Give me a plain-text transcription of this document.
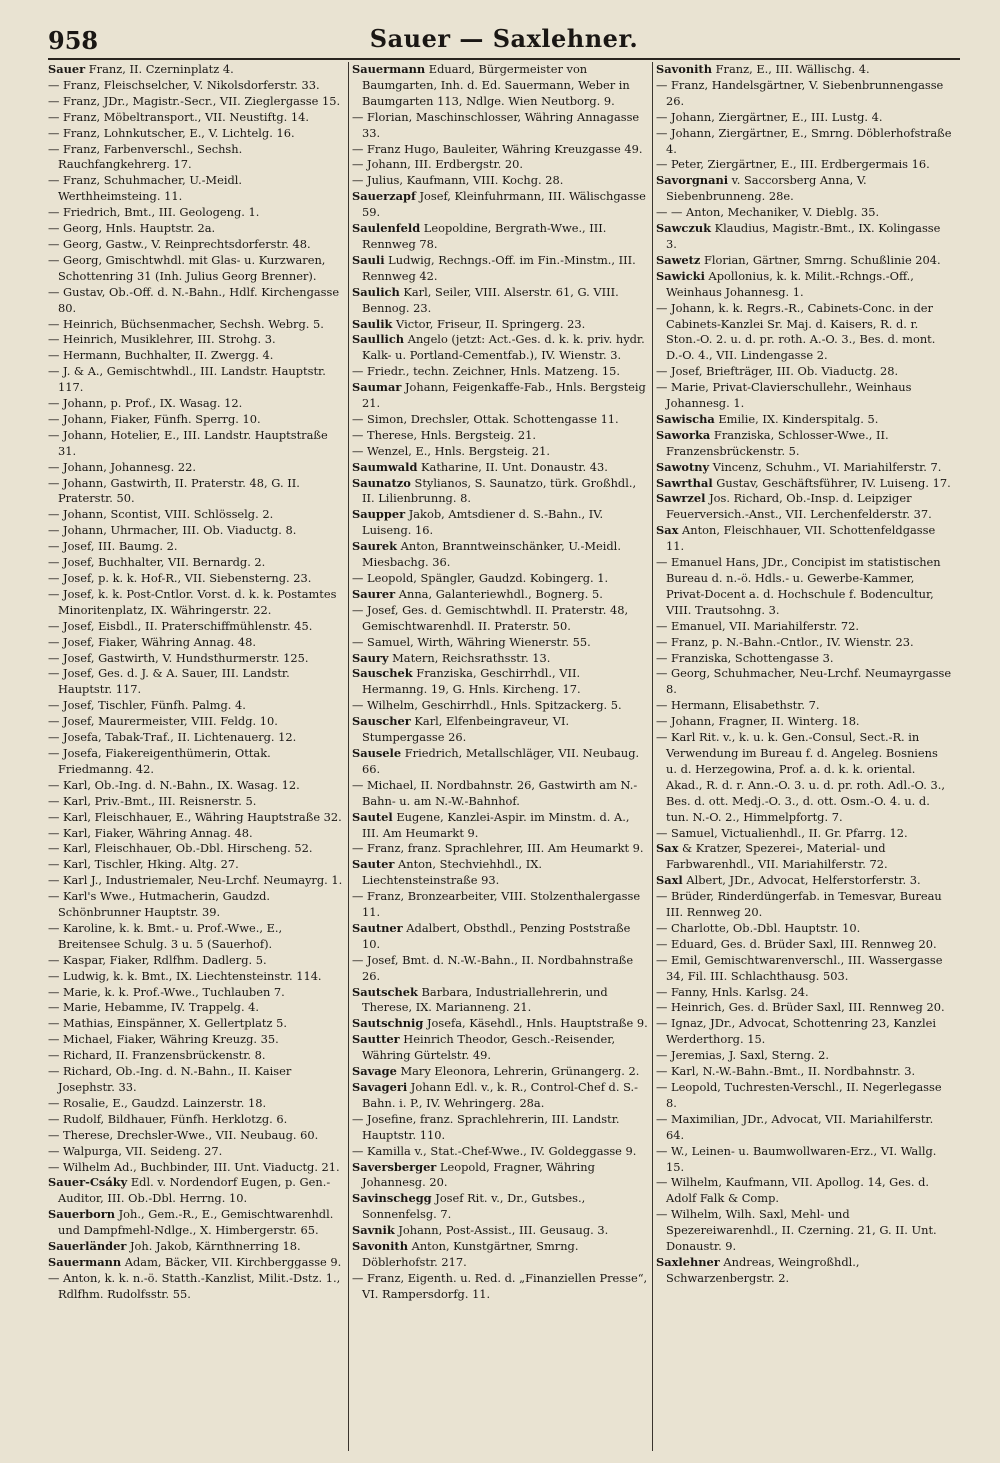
Sauer — Saxlehner.
958

Sauer Franz, II. Czerninplatz 4.

— Franz, Fleischselcher, V. Nikolsdorferstr. 33.

— Franz, JDr., Magistr.-Secr., VII. Zieglergasse 15.

— Franz, Möbeltransport., VII. Neustiftg. 14.

— Franz, Lohnkutscher, E., V. Lichtelg. 16.

— Franz, Farbenverschl., Sechsh. Rauchfangkehrerg. 17.

— Franz, Schuhmacher, U.-Meidl. Werthheimsteing. 11.

— Friedrich, Bmt., III. Geologeng. 1.

— Georg, Hnls. Hauptstr. 2a.

— Georg, Gastw., V. Reinprechtsdorferstr. 48.

— Georg, Gmischtwhdl. mit Glas- u. Kurzwaren, Schottenring 31 (Inh. Julius Georg Brenner).

— Gustav, Ob.-Off. d. N.-Bahn., Hdlf. Kirchengasse 80.

— Heinrich, Büchsenmacher, Sechsh. Webrg. 5.

— Heinrich, Musiklehrer, III. Strohg. 3.

— Hermann, Buchhalter, II. Zwergg. 4.

— J. & A., Gemischtwhdl., III. Landstr. Hauptstr. 117.

— Johann, p. Prof., IX. Wasag. 12.

— Johann, Fiaker, Fünfh. Sperrg. 10.

— Johann, Hotelier, E., III. Landstr. Hauptstraße 31.

— Johann, Johannesg. 22.

— Johann, Gastwirth, II. Praterstr. 48, G. II. Praterstr. 50.

— Johann, Scontist, VIII. Schlösselg. 2.

— Johann, Uhrmacher, III. Ob. Viaductg. 8.

— Josef, III. Baumg. 2.

— Josef, Buchhalter, VII. Bernardg. 2.

— Josef, p. k. k. Hof-R., VII. Siebensterng. 23.

— Josef, k. k. Post-Cntlor. Vorst. d. k. k. Postamtes Minoritenplatz, IX. Währingerstr. 22.

— Josef, Eisbdl., II. Praterschiffmühlenstr. 45.

— Josef, Fiaker, Währing Annag. 48.

— Josef, Gastwirth, V. Hundsthurmerstr. 125.

— Josef, Ges. d. J. & A. Sauer, III. Landstr. Hauptstr. 117.

— Josef, Tischler, Fünfh. Palmg. 4.

— Josef, Maurermeister, VIII. Feldg. 10.

— Josefa, Tabak-Traf., II. Lichtenauerg. 12.

— Josefa, Fiakereigenthümerin, Ottak. Friedmanng. 42.

— Karl, Ob.-Ing. d. N.-Bahn., IX. Wasag. 12.

— Karl, Priv.-Bmt., III. Reisnerstr. 5.

— Karl, Fleischhauer, E., Währing Hauptstraße 32.

— Karl, Fiaker, Währing Annag. 48.

— Karl, Fleischhauer, Ob.-Dbl. Hirscheng. 52.

— Karl, Tischler, Hking. Altg. 27.

— Karl J., Industriemaler, Neu-Lrchf. Neumayrg. 1.

— Karl's Wwe., Hutmacherin, Gaudzd. Schönbrunner Hauptstr. 39.

— Karoline, k. k. Bmt.- u. Prof.-Wwe., E., Breitensee Schulg. 3 u. 5 (Sauerhof).

— Kaspar, Fiaker, Rdlfhm. Dadlerg. 5.

— Ludwig, k. k. Bmt., IX. Liechtensteinstr. 114.

— Marie, k. k. Prof.-Wwe., Tuchlauben 7.

— Marie, Hebamme, IV. Trappelg. 4.

— Mathias, Einspänner, X. Gellertplatz 5.

— Michael, Fiaker, Währing Kreuzg. 35.

— Richard, II. Franzensbrückenstr. 8.

— Richard, Ob.-Ing. d. N.-Bahn., II. Kaiser Josephstr. 33.

— Rosalie, E., Gaudzd. Lainzerstr. 18.

— Rudolf, Bildhauer, Fünfh. Herklotzg. 6.

— Therese, Drechsler-Wwe., VII. Neubaug. 60.

— Walpurga, VII. Seideng. 27.

— Wilhelm Ad., Buchbinder, III. Unt. Viaductg. 21.

Sauer-Csáky Edl. v. Nordendorf Eugen, p. Gen.-Auditor, III. Ob.-Dbl. Herrng. 10.

Sauerborn Joh., Gem.-R., E., Gemischtwarenhdl. und Dampfmehl-Ndlge., X. Himbergerstr. 65.

Sauerländer Joh. Jakob, Kärnthnerring 18.

Sauermann Adam, Bäcker, VII. Kirchberggasse 9.

— Anton, k. k. n.-ö. Statth.-Kanzlist, Milit.-Dstz. 1., Rdlfhm. Rudolfsstr. 55.

Sauermann Eduard, Bürgermeister von Baumgarten, Inh. d. Ed. Sauermann, Weber in Baumgarten 113, Ndlge. Wien Neutborg. 9.

— Florian, Maschinschlosser, Währing Annagasse 33.

— Franz Hugo, Bauleiter, Währing Kreuzgasse 49.

— Johann, III. Erdbergstr. 20.

— Julius, Kaufmann, VIII. Kochg. 28.

Sauerzapf Josef, Kleinfuhrmann, III. Wälischgasse 59.

Saulenfeld Leopoldine, Bergrath-Wwe., III. Rennweg 78.

Sauli Ludwig, Rechngs.-Off. im Fin.-Minstm., III. Rennweg 42.

Saulich Karl, Seiler, VIII. Alserstr. 61, G. VIII. Bennog. 23.

Saulik Victor, Friseur, II. Springerg. 23.

Saullich Angelo (jetzt: Act.-Ges. d. k. k. priv. hydr. Kalk- u. Portland-Cementfab.), IV. Wienstr. 3.

— Friedr., techn. Zeichner, Hnls. Matzeng. 15.

Saumar Johann, Feigenkaffe-Fab., Hnls. Bergsteig 21.

— Simon, Drechsler, Ottak. Schottengasse 11.

— Therese, Hnls. Bergsteig. 21.

— Wenzel, E., Hnls. Bergsteig. 21.

Saumwald Katharine, II. Unt. Donaustr. 43.

Saunatzo Stylianos, S. Saunatzo, türk. Großhdl., II. Lilienbrunng. 8.

Saupper Jakob, Amtsdiener d. S.-Bahn., IV. Luiseng. 16.

Saurek Anton, Branntweinschänker, U.-Meidl. Miesbachg. 36.

— Leopold, Spängler, Gaudzd. Kobingerg. 1.

Saurer Anna, Galanteriewhdl., Bognerg. 5.

— Josef, Ges. d. Gemischtwhdl. II. Praterstr. 48, Gemischtwarenhdl. II. Praterstr. 50.

— Samuel, Wirth, Währing Wienerstr. 55.

Saury Matern, Reichsrathsstr. 13.

Sauschek Franziska, Geschirrhdl., VII. Hermanng. 19, G. Hnls. Kircheng. 17.

— Wilhelm, Geschirrhdl., Hnls. Spitzackerg. 5.

Sauscher Karl, Elfenbeingraveur, VI. Stumpergasse 26.

Sausele Friedrich, Metallschläger, VII. Neubaug. 66.

— Michael, II. Nordbahnstr. 26, Gastwirth am N.-Bahn- u. am N.-W.-Bahnhof.

Sautel Eugene, Kanzlei-Aspir. im Minstm. d. A., III. Am Heumarkt 9.

— Franz, franz. Sprachlehrer, III. Am Heumarkt 9.

Sauter Anton, Stechviehhdl., IX. Liechtensteinstraße 93.

— Franz, Bronzearbeiter, VIII. Stolzenthalergasse 11.

Sautner Adalbert, Obsthdl., Penzing Poststraße 10.

— Josef, Bmt. d. N.-W.-Bahn., II. Nordbahnstraße 26.

Sautschek Barbara, Industriallehrerin, und Therese, IX. Marianneng. 21.

Sautschnig Josefa, Käsehdl., Hnls. Hauptstraße 9.

Sautter Heinrich Theodor, Gesch.-Reisender, Währing Gürtelstr. 49.

Savage Mary Eleonora, Lehrerin, Grünangerg. 2.

Savageri Johann Edl. v., k. R., Control-Chef d. S.-Bahn. i. P., IV. Wehringerg. 28a.

— Josefine, franz. Sprachlehrerin, III. Landstr. Hauptstr. 110.

— Kamilla v., Stat.-Chef-Wwe., IV. Goldeggasse 9.

Saversberger Leopold, Fragner, Währing Johannesg. 20.

Savinschegg Josef Rit. v., Dr., Gutsbes., Sonnenfelsg. 7.

Savnik Johann, Post-Assist., III. Geusaug. 3.

Savonith Anton, Kunstgärtner, Smrng. Döblerhofstr. 217.

— Franz, Eigenth. u. Red. d. „Finanziellen Presse“, VI. Rampersdorfg. 11.

Savonith Franz, E., III. Wällischg. 4.

— Franz, Handelsgärtner, V. Siebenbrunnengasse 26.

— Johann, Ziergärtner, E., III. Lustg. 4.

— Johann, Ziergärtner, E., Smrng. Döblerhofstraße 4.

— Peter, Ziergärtner, E., III. Erdbergermais 16.

Savorgnani v. Saccorsberg Anna, V. Siebenbrunneng. 28e.

— — Anton, Mechaniker, V. Dieblg. 35.

Sawczuk Klaudius, Magistr.-Bmt., IX. Kolingasse 3.

Sawetz Florian, Gärtner, Smrng. Schußlinie 204.

Sawicki Apollonius, k. k. Milit.-Rchngs.-Off., Weinhaus Johannesg. 1.

— Johann, k. k. Regrs.-R., Cabinets-Conc. in der Cabinets-Kanzlei Sr. Maj. d. Kaisers, R. d. r. Ston.-O. 2. u. d. pr. roth. A.-O. 3., Bes. d. mont. D.-O. 4., VII. Lindengasse 2.

— Josef, Briefträger, III. Ob. Viaductg. 28.

— Marie, Privat-Clavierschullehr., Weinhaus Johannesg. 1.

Sawischa Emilie, IX. Kinderspitalg. 5.

Saworka Franziska, Schlosser-Wwe., II. Franzensbrückenstr. 5.

Sawotny Vincenz, Schuhm., VI. Mariahilferstr. 7.

Sawrthal Gustav, Geschäftsführer, IV. Luiseng. 17.

Sawrzel Jos. Richard, Ob.-Insp. d. Leipziger Feuerversich.-Anst., VII. Lerchenfelderstr. 37.

Sax Anton, Fleischhauer, VII. Schottenfeldgasse 11.

— Emanuel Hans, JDr., Concipist im statistischen Bureau d. n.-ö. Hdls.- u. Gewerbe-Kammer, Privat-Docent a. d. Hochschule f. Bodencultur, VIII. Trautsohng. 3.

— Emanuel, VII. Mariahilferstr. 72.

— Franz, p. N.-Bahn.-Cntlor., IV. Wienstr. 23.

— Franziska, Schottengasse 3.

— Georg, Schuhmacher, Neu-Lrchf. Neumayrgasse 8.

— Hermann, Elisabethstr. 7.

— Johann, Fragner, II. Winterg. 18.

— Karl Rit. v., k. u. k. Gen.-Consul, Sect.-R. in Verwendung im Bureau f. d. Angeleg. Bosniens u. d. Herzegowina, Prof. a. d. k. k. oriental. Akad., R. d. r. Ann.-O. 3. u. d. pr. roth. Adl.-O. 3., Bes. d. ott. Medj.-O. 3., d. ott. Osm.-O. 4. u. d. tun. N.-O. 2., Himmelpfortg. 7.

— Samuel, Victualienhdl., II. Gr. Pfarrg. 12.

Sax & Kratzer, Spezerei-, Material- und Farbwarenhdl., VII. Mariahilferstr. 72.

Saxl Albert, JDr., Advocat, Helferstorferstr. 3.

— Brüder, Rinderdüngerfab. in Temesvar, Bureau III. Rennweg 20.

— Charlotte, Ob.-Dbl. Hauptstr. 10.

— Eduard, Ges. d. Brüder Saxl, III. Rennweg 20.

— Emil, Gemischtwarenverschl., III. Wassergasse 34, Fil. III. Schlachthausg. 503.

— Fanny, Hnls. Karlsg. 24.

— Heinrich, Ges. d. Brüder Saxl, III. Rennweg 20.

— Ignaz, JDr., Advocat, Schottenring 23, Kanzlei Werderthorg. 15.

— Jeremias, J. Saxl, Sterng. 2.

— Karl, N.-W.-Bahn.-Bmt., II. Nordbahnstr. 3.

— Leopold, Tuchresten-Verschl., II. Negerlegasse 8.

— Maximilian, JDr., Advocat, VII. Mariahilferstr. 64.

— W., Leinen- u. Baumwollwaren-Erz., VI. Wallg. 15.

— Wilhelm, Kaufmann, VII. Apollog. 14, Ges. d. Adolf Falk & Comp.

— Wilhelm, Wilh. Saxl, Mehl- und Spezereiwarenhdl., II. Czerning. 21, G. II. Unt. Donaustr. 9.

Saxlehner Andreas, Weingroßhdl., Schwarzenbergstr. 2.
